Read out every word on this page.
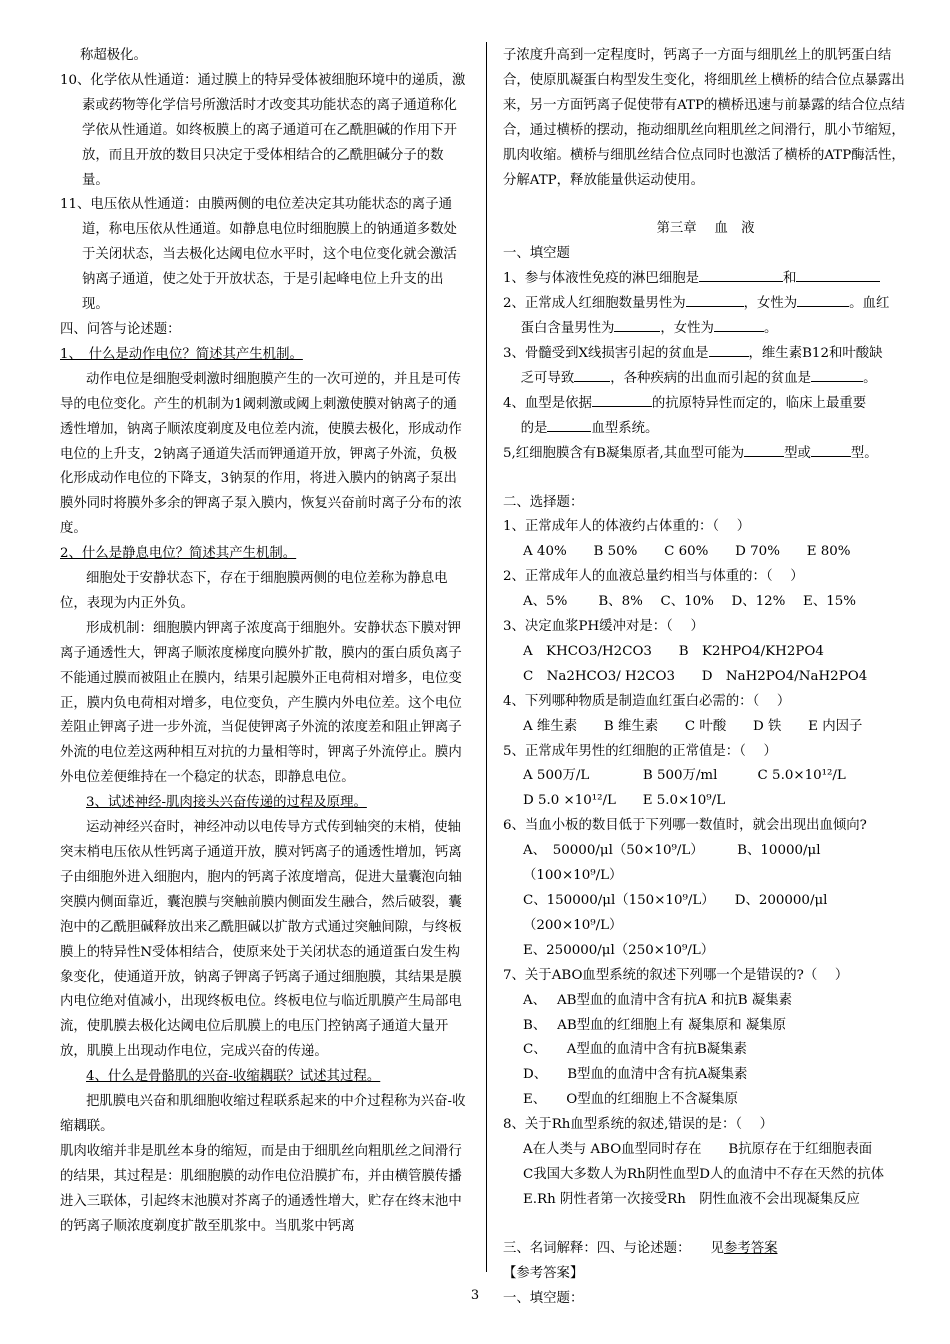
称超极化。

10、化学依从性通道：通过膜上的特异受体被细胞环境中的递质，激素或药物等化学信号所激活时才改变其功能状态的离子通道称化学依从性通道。如终板膜上的离子通道可在乙酰胆碱的作用下开放，而且开放的数目只决定于受体相结合的乙酰胆碱分子的数量。

11、电压依从性通道：由膜两侧的电位差决定其功能状态的离子通道，称电压依从性通道。如静息电位时细胞膜上的钠通道多数处于关闭状态，当去极化达阈电位水平时，这个电位变化就会激活钠离子通道，使之处于开放状态，于是引起峰电位上升支的出现。

四、问答与论述题：

1、　什么是动作电位？简述其产生机制。

动作电位是细胞受刺激时细胞膜产生的一次可逆的，并且是可传导的电位变化。产生的机制为1阈刺激或阈上刺激使膜对钠离子的通透性增加，钠离子顺浓度剃度及电位差内流，使膜去极化，形成动作电位的上升支，2钠离子通道失活而钾通道开放，钾离子外流，负极化形成动作电位的下降支，3钠泵的作用，将进入膜内的钠离子泵出膜外同时将膜外多余的钾离子泵入膜内，恢复兴奋前时离子分布的浓度。

2、什么是静息电位？简述其产生机制。

细胞处于安静状态下，存在于细胞膜两侧的电位差称为静息电位，表现为内正外负。

形成机制：细胞膜内钾离子浓度高于细胞外。安静状态下膜对钾离子通透性大，钾离子顺浓度梯度向膜外扩散，膜内的蛋白质负离子不能通过膜而被阻止在膜内，结果引起膜外正电荷相对增多，电位变正，膜内负电荷相对增多，电位变负，产生膜内外电位差。这个电位差阻止钾离子进一步外流，当促使钾离子外流的浓度差和阻止钾离子外流的电位差这两种相互对抗的力量相等时，钾离子外流停止。膜内外电位差便维持在一个稳定的状态，即静息电位。

3、试述神经-肌肉接头兴奋传递的过程及原理。

运动神经兴奋时，神经冲动以电传导方式传到轴突的末梢，使轴突末梢电压依从性钙离子通道开放，膜对钙离子的通透性增加，钙离子由细胞外进入细胞内，胞内的钙离子浓度增高，促进大量囊泡向轴突膜内侧面靠近，囊泡膜与突触前膜内侧面发生融合，然后破裂，囊泡中的乙酰胆碱释放出来乙酰胆碱以扩散方式通过突触间隙，与终板膜上的特异性N受体相结合，使原来处于关闭状态的通道蛋白发生构象变化，使通道开放，钠离子钾离子钙离子通过细胞膜，其结果是膜内电位绝对值减小，出现终板电位。终板电位与临近肌膜产生局部电流，使肌膜去极化达阈电位后肌膜上的电压门控钠离子通道大量开放，肌膜上出现动作电位，完成兴奋的传递。

4、什么是骨骼肌的兴奋-收缩耦联？试述其过程。

把肌膜电兴奋和肌细胞收缩过程联系起来的中介过程称为兴奋-收缩耦联。

肌肉收缩并非是肌丝本身的缩短，而是由于细肌丝向粗肌丝之间滑行的结果，其过程是：肌细胞膜的动作电位沿膜扩布，并由横管膜传播进入三联体，引起终末池膜对芥离子的通透性增大，贮存在终末池中的钙离子顺浓度剃度扩散至肌浆中。当肌浆中钙离

子浓度升高到一定程度时，钙离子一方面与细肌丝上的肌钙蛋白结合，使原肌凝蛋白构型发生变化，将细肌丝上横桥的结合位点暴露出来，另一方面钙离子促使带有ATP的横桥迅速与前暴露的结合位点结合，通过横桥的摆动，拖动细肌丝向粗肌丝之间滑行，肌小节缩短，肌肉收缩。横桥与细肌丝结合位点同时也激活了横桥的ATP酶活性，分解ATP，释放能量供运动使用。

第三章　 血　液

一、填空题

1、参与体液性免疫的淋巴细胞是	和

2、正常成人红细胞数量男性为	，女性为	。血红

　 蛋白含量男性为	，女性为	。

3、骨髓受到X线损害引起的贫血是	，维生素B12和叶酸缺

　 乏可导致	，各种疾病的出血而引起的贫血是	。

4、血型是依据	的抗原特异性而定的，临床上最重要

　 的是	血型系统。

5,红细胞膜含有B凝集原者,其血型可能为	型或	型。

二、选择题：

1、正常成年人的体液约占体重的：（　 ）

A 40%　　B 50%　　C 60%　　D 70%　　E 80%

2、正常成年人的血液总量约相当与体重的：（　 ）

A、5%　　 B、8%　 C、10%　 D、12%　 E、15%

3、决定血浆PH缓冲对是：（　 ）

A　KHCO3/H2CO3　　B　K2HPO4/KH2PO4

C　Na2HCO3/ H2CO3　　D　NaH2PO4/NaH2PO4

4、下列哪种物质是制造血红蛋白必需的：（　 ）

A 维生素　　B 维生素　　C 叶酸　　D 铁　　E 内因子

5、正常成年男性的红细胞的正常值是：（　 ）

A 500万/L　　　　B 500万/ml　　　C 5.0×10¹²/L

D 5.0 ×10¹²/L　　E 5.0×10⁹/L

6、当血小板的数目低于下列哪一数值时，就会出现出血倾向?

A、　50000/μl（50×10⁹/L）　　　B、10000/μl（100×10⁹/L）

C、150000/μl（150×10⁹/L）　　D、200000/μl（200×10⁹/L）

E、250000/μl（250×10⁹/L）

7、关于ABO血型系统的叙述下列哪一个是错误的?（　 ）

A、　 AB型血的血清中含有抗A 和抗B 凝集素

B、　 AB型血的红细胞上有 凝集原和 凝集原

C、　　A型血的血清中含有抗B凝集素

D、　　B型血的血清中含有抗A凝集素

E、　　O型血的红细胞上不含凝集原

8、关于Rh血型系统的叙述,错误的是：（　 ）

A在人类与 ABO血型同时存在　　B抗原存在于红细胞表面

C我国大多数人为Rh阴性血型D人的血清中不存在天然的抗体

E.Rh 阴性者第一次接受Rh　阴性血液不会出现凝集反应

三、名词解释：四、与论述题：　　见参考答案

【参考答案】

一、填空题：

3
